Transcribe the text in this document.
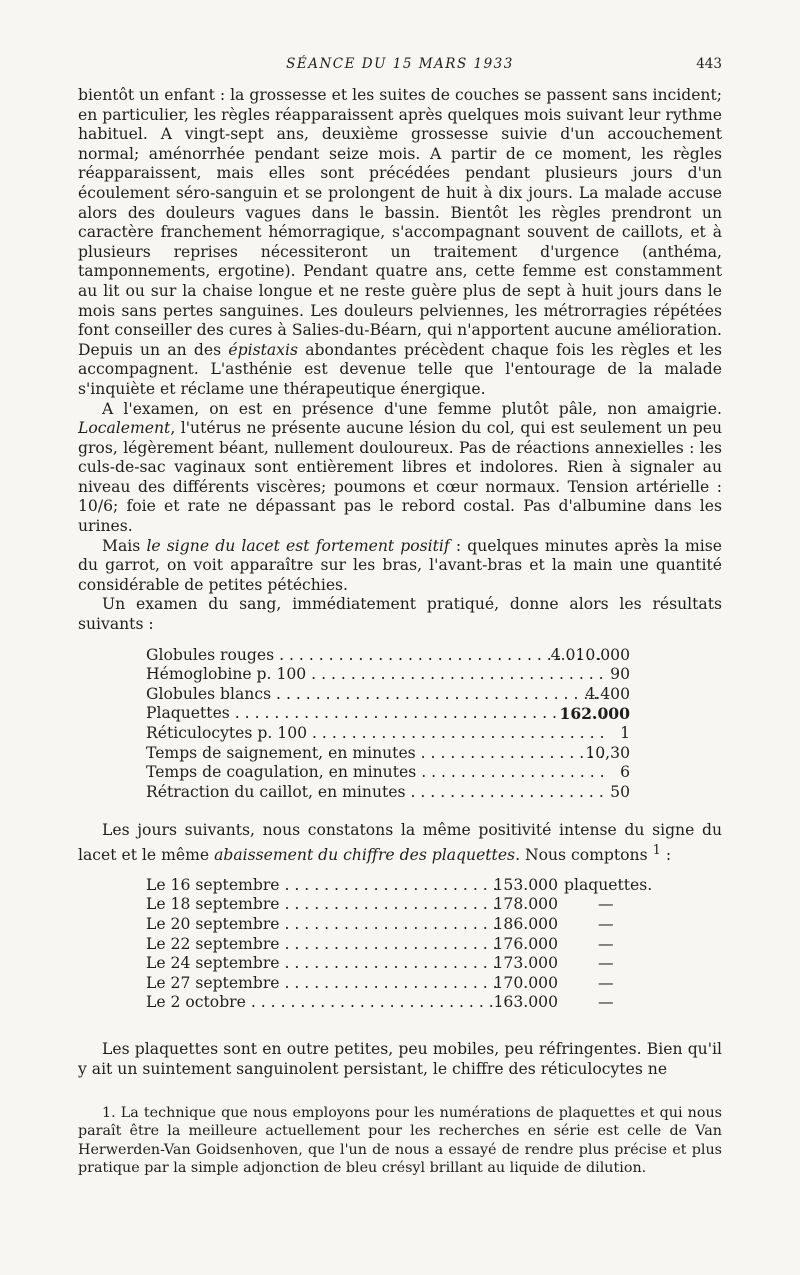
SÉANCE DU 15 MARS 1933	443

bientôt un enfant : la grossesse et les suites de couches se passent sans incident; en particulier, les règles réapparaissent après quelques mois suivant leur rythme habituel. A vingt-sept ans, deuxième grossesse suivie d'un accouchement normal; aménorrhée pendant seize mois. A partir de ce moment, les règles réapparaissent, mais elles sont précédées pendant plusieurs jours d'un écoulement séro-sanguin et se prolongent de huit à dix jours. La malade accuse alors des douleurs vagues dans le bassin. Bientôt les règles prendront un caractère franchement hémorragique, s'accompagnant souvent de caillots, et à plusieurs reprises nécessiteront un traitement d'urgence (anthéma, tamponnements, ergotine). Pendant quatre ans, cette femme est constamment au lit ou sur la chaise longue et ne reste guère plus de sept à huit jours dans le mois sans pertes sanguines. Les douleurs pelviennes, les métrorragies répétées font conseiller des cures à Salies-du-Béarn, qui n'apportent aucune amélioration. Depuis un an des épistaxis abondantes précèdent chaque fois les règles et les accompagnent. L'asthénie est devenue telle que l'entourage de la malade s'inquiète et réclame une thérapeutique énergique.

A l'examen, on est en présence d'une femme plutôt pâle, non amaigrie. Localement, l'utérus ne présente aucune lésion du col, qui est seulement un peu gros, légèrement béant, nullement douloureux. Pas de réactions annexielles : les culs-de-sac vaginaux sont entièrement libres et indolores. Rien à signaler au niveau des différents viscères; poumons et cœur normaux. Tension artérielle : 10/6; foie et rate ne dépassant pas le rebord costal. Pas d'albumine dans les urines.

Mais le signe du lacet est fortement positif : quelques minutes après la mise du garrot, on voit apparaître sur les bras, l'avant-bras et la main une quantité considérable de petites pétéchies.

Un examen du sang, immédiatement pratiqué, donne alors les résultats suivants :

Globules rouges . . .	4.010.000
Hémoglobine p. 100 . . .	90
Globules blancs . . .	4.400
Plaquettes . . .	162.000
Réticulocytes p. 100 . . .	1
Temps de saignement, en minutes . . .	10,30
Temps de coagulation, en minutes . . .	6
Rétraction du caillot, en minutes . . .	50

Les jours suivants, nous constatons la même positivité intense du signe du lacet et le même abaissement du chiffre des plaquettes. Nous comptons $^1$ :

Le 16 septembre . . .	153.000 plaquettes.
Le 18 septembre . . .	178.000	—
Le 20 septembre . . .	186.000	—
Le 22 septembre . . .	176.000	—
Le 24 septembre . . .	173.000	—
Le 27 septembre . . .	170.000	—
Le 2 octobre . . .	163.000	—

Les plaquettes sont en outre petites, peu mobiles, peu réfringentes. Bien qu'il y ait un suintement sanguinolent persistant, le chiffre des réticulocytes ne

1. La technique que nous employons pour les numérations de plaquettes et qui nous paraît être la meilleure actuellement pour les recherches en série est celle de Van Herwerden-Van Goidsenhoven, que l'un de nous a essayé de rendre plus précise et plus pratique par la simple adjonction de bleu crésyl brillant au liquide de dilution.
